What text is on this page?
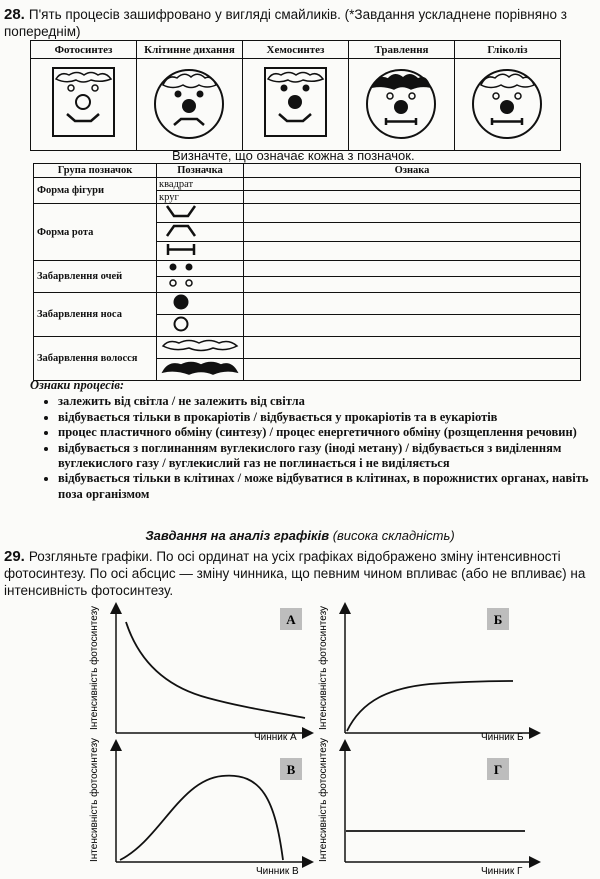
28. П'ять процесів зашифровано у вигляді смайликів. (*Завдання ускладнене порівняно з попереднім)
Фотосинтез	Клітинне дихання	Хемосинтез	Травлення	Гліколіз

Визначте, що означає кожна з позначок.
Група позначок	Позначка	Ознака
Форма фігури	квадрат	
	круг	
Форма рота		

Забарвлення очей		

Забарвлення носа		

Забарвлення волосся		

Ознаки процесів:
• залежить від світла / не залежить від світла
• відбувається тільки в прокаріотів / відбувається у прокаріотів та в еукаріотів
• процес пластичного обміну (синтезу) / процес енергетичного обміну (розщеплення речовин)
• відбувається з поглинанням вуглекислого газу (іноді метану) / відбувається з виділенням вуглекислого газу / вуглекислий газ не поглинається і не виділяється
• відбувається тільки в клітинах / може відбуватися в клітинах, в порожнистих органах, навіть поза організмом
Завдання на аналіз графіків (висока складність)
29. Розгляньте графіки. По осі ординат на усіх графіках відображено зміну інтенсивності фотосинтезу. По осі абсцис — зміну чинника, що певним чином впливає (або не впливає) на інтенсивність фотосинтезу.
А
Чинник А
Інтенсивність фотосинтезу	Б
Чинник Б
Інтенсивність фотосинтезу
В
Чинник В
Інтенсивність фотосинтезу	Г
Чинник Г
Інтенсивність фотосинтезу
